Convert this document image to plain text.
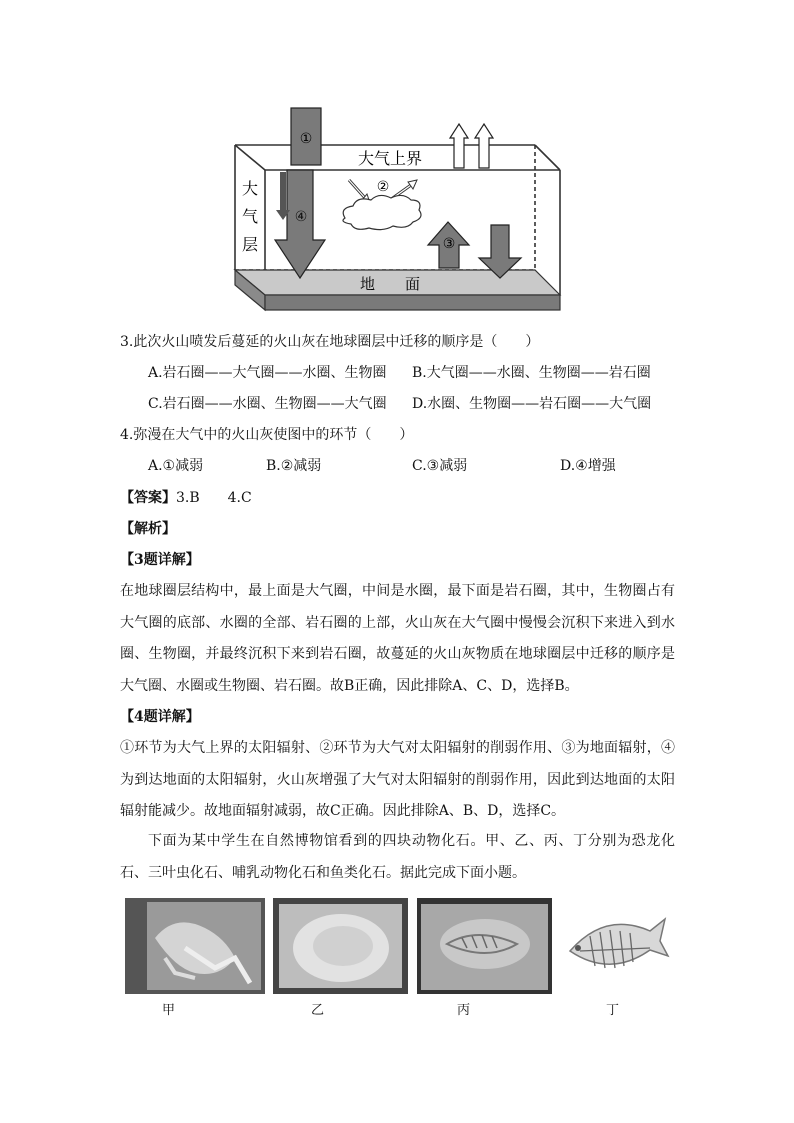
①
②
③
④
大气上界
大
气
层
地　　面
3.此次火山喷发后蔓延的火山灰在地球圈层中迁移的顺序是（　　）
A.岩石圈——大气圈——水圈、生物圈 B.大气圈——水圈、生物圈——岩石圈
C.岩石圈——水圈、生物圈——大气圈 D.水圈、生物圈——岩石圈——大气圈
4.弥漫在大气中的火山灰使图中的环节（　　）
A.①减弱	B.②减弱	C.③减弱	D.④增强
【答案】3.B　　4.C
【解析】
【3题详解】
在地球圈层结构中，最上面是大气圈，中间是水圈，最下面是岩石圈，其中，生物圈占有大气圈的底部、水圈的全部、岩石圈的上部，火山灰在大气圈中慢慢会沉积下来进入到水圈、生物圈，并最终沉积下来到岩石圈，故蔓延的火山灰物质在地球圈层中迁移的顺序是大气圈、水圈或生物圈、岩石圈。故B正确，因此排除A、C、D，选择B。
【4题详解】
①环节为大气上界的太阳辐射、②环节为大气对太阳辐射的削弱作用、③为地面辐射，④为到达地面的太阳辐射，火山灰增强了大气对太阳辐射的削弱作用，因此到达地面的太阳辐射能减少。故地面辐射减弱，故C正确。因此排除A、B、D，选择C。
下面为某中学生在自然博物馆看到的四块动物化石。甲、乙、丙、丁分别为恐龙化石、三叶虫化石、哺乳动物化石和鱼类化石。据此完成下面小题。
甲	乙	丙	丁
